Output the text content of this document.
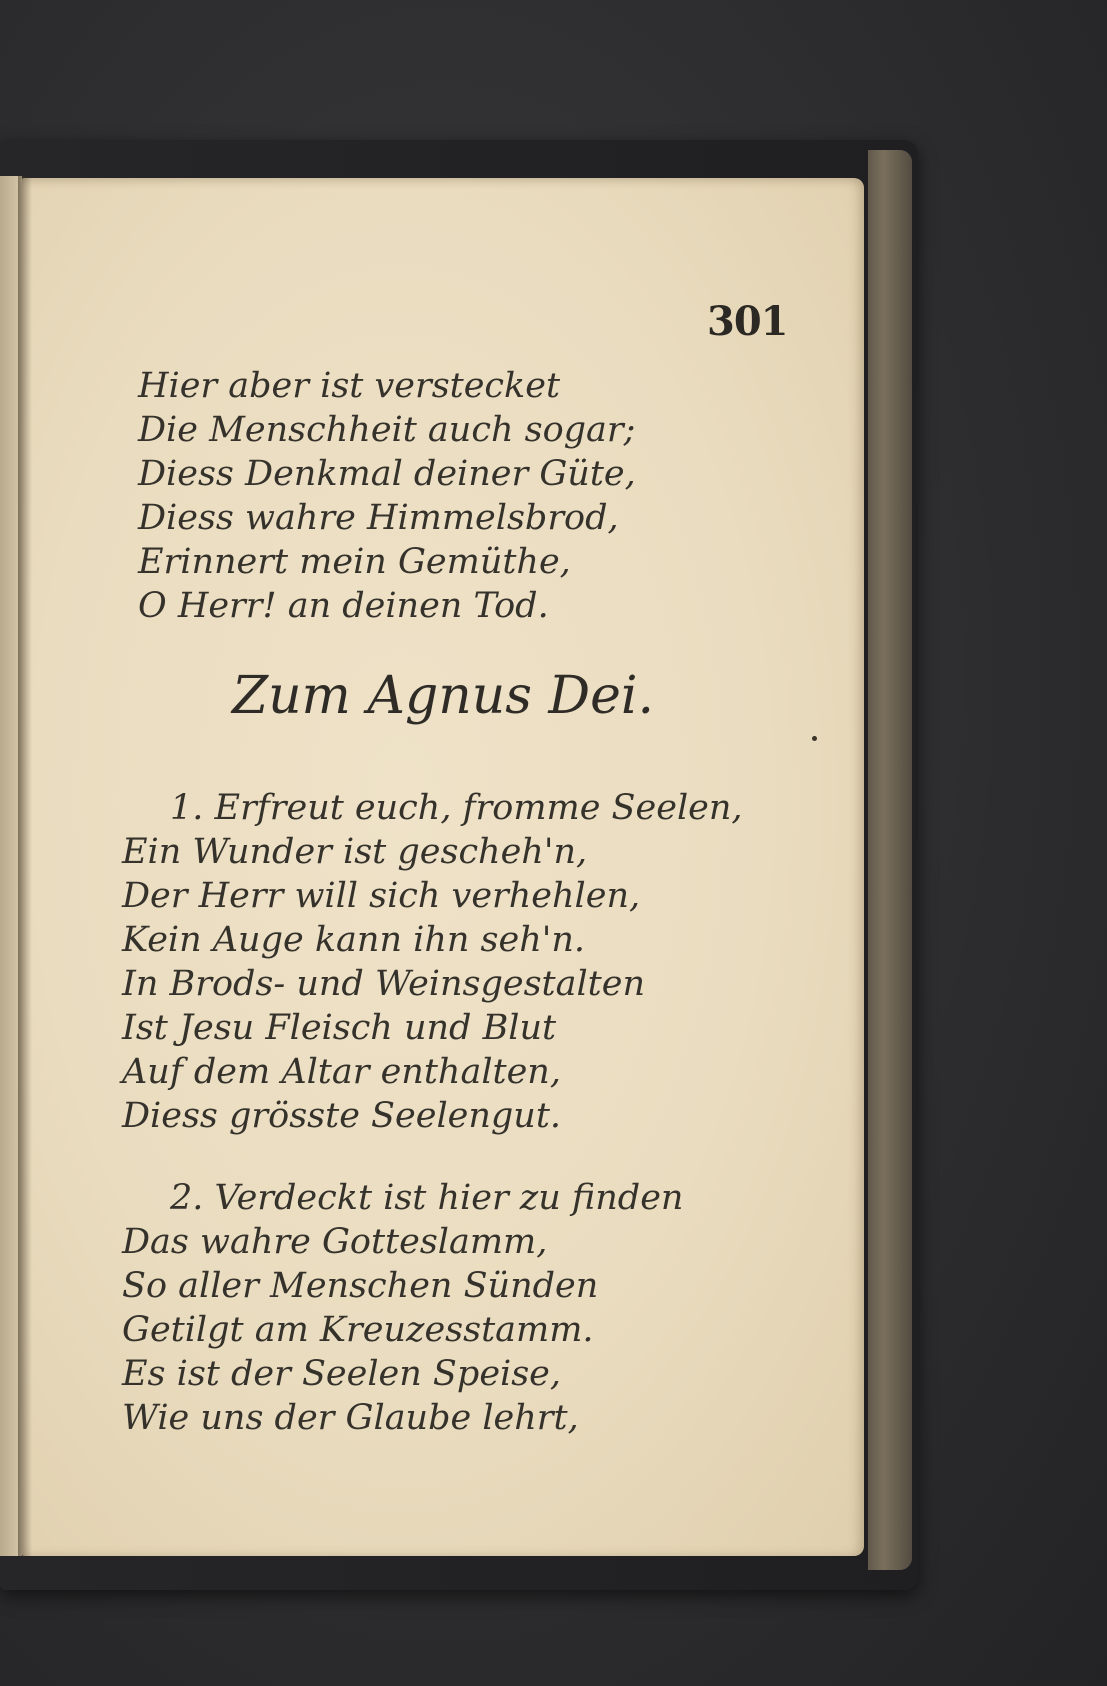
301
Hier aber ist verstecket
Die Menschheit auch sogar;
Diess Denkmal deiner Güte,
Diess wahre Himmelsbrod,
Erinnert mein Gemüthe,
O Herr! an deinen Tod.
Zum Agnus Dei.
1. Erfreut euch, fromme Seelen,
Ein Wunder ist gescheh'n,
Der Herr will sich verhehlen,
Kein Auge kann ihn seh'n.
In Brods- und Weinsgestalten
Ist Jesu Fleisch und Blut
Auf dem Altar enthalten,
Diess grösste Seelengut.
2. Verdeckt ist hier zu finden
Das wahre Gotteslamm,
So aller Menschen Sünden
Getilgt am Kreuzesstamm.
Es ist der Seelen Speise,
Wie uns der Glaube lehrt,
